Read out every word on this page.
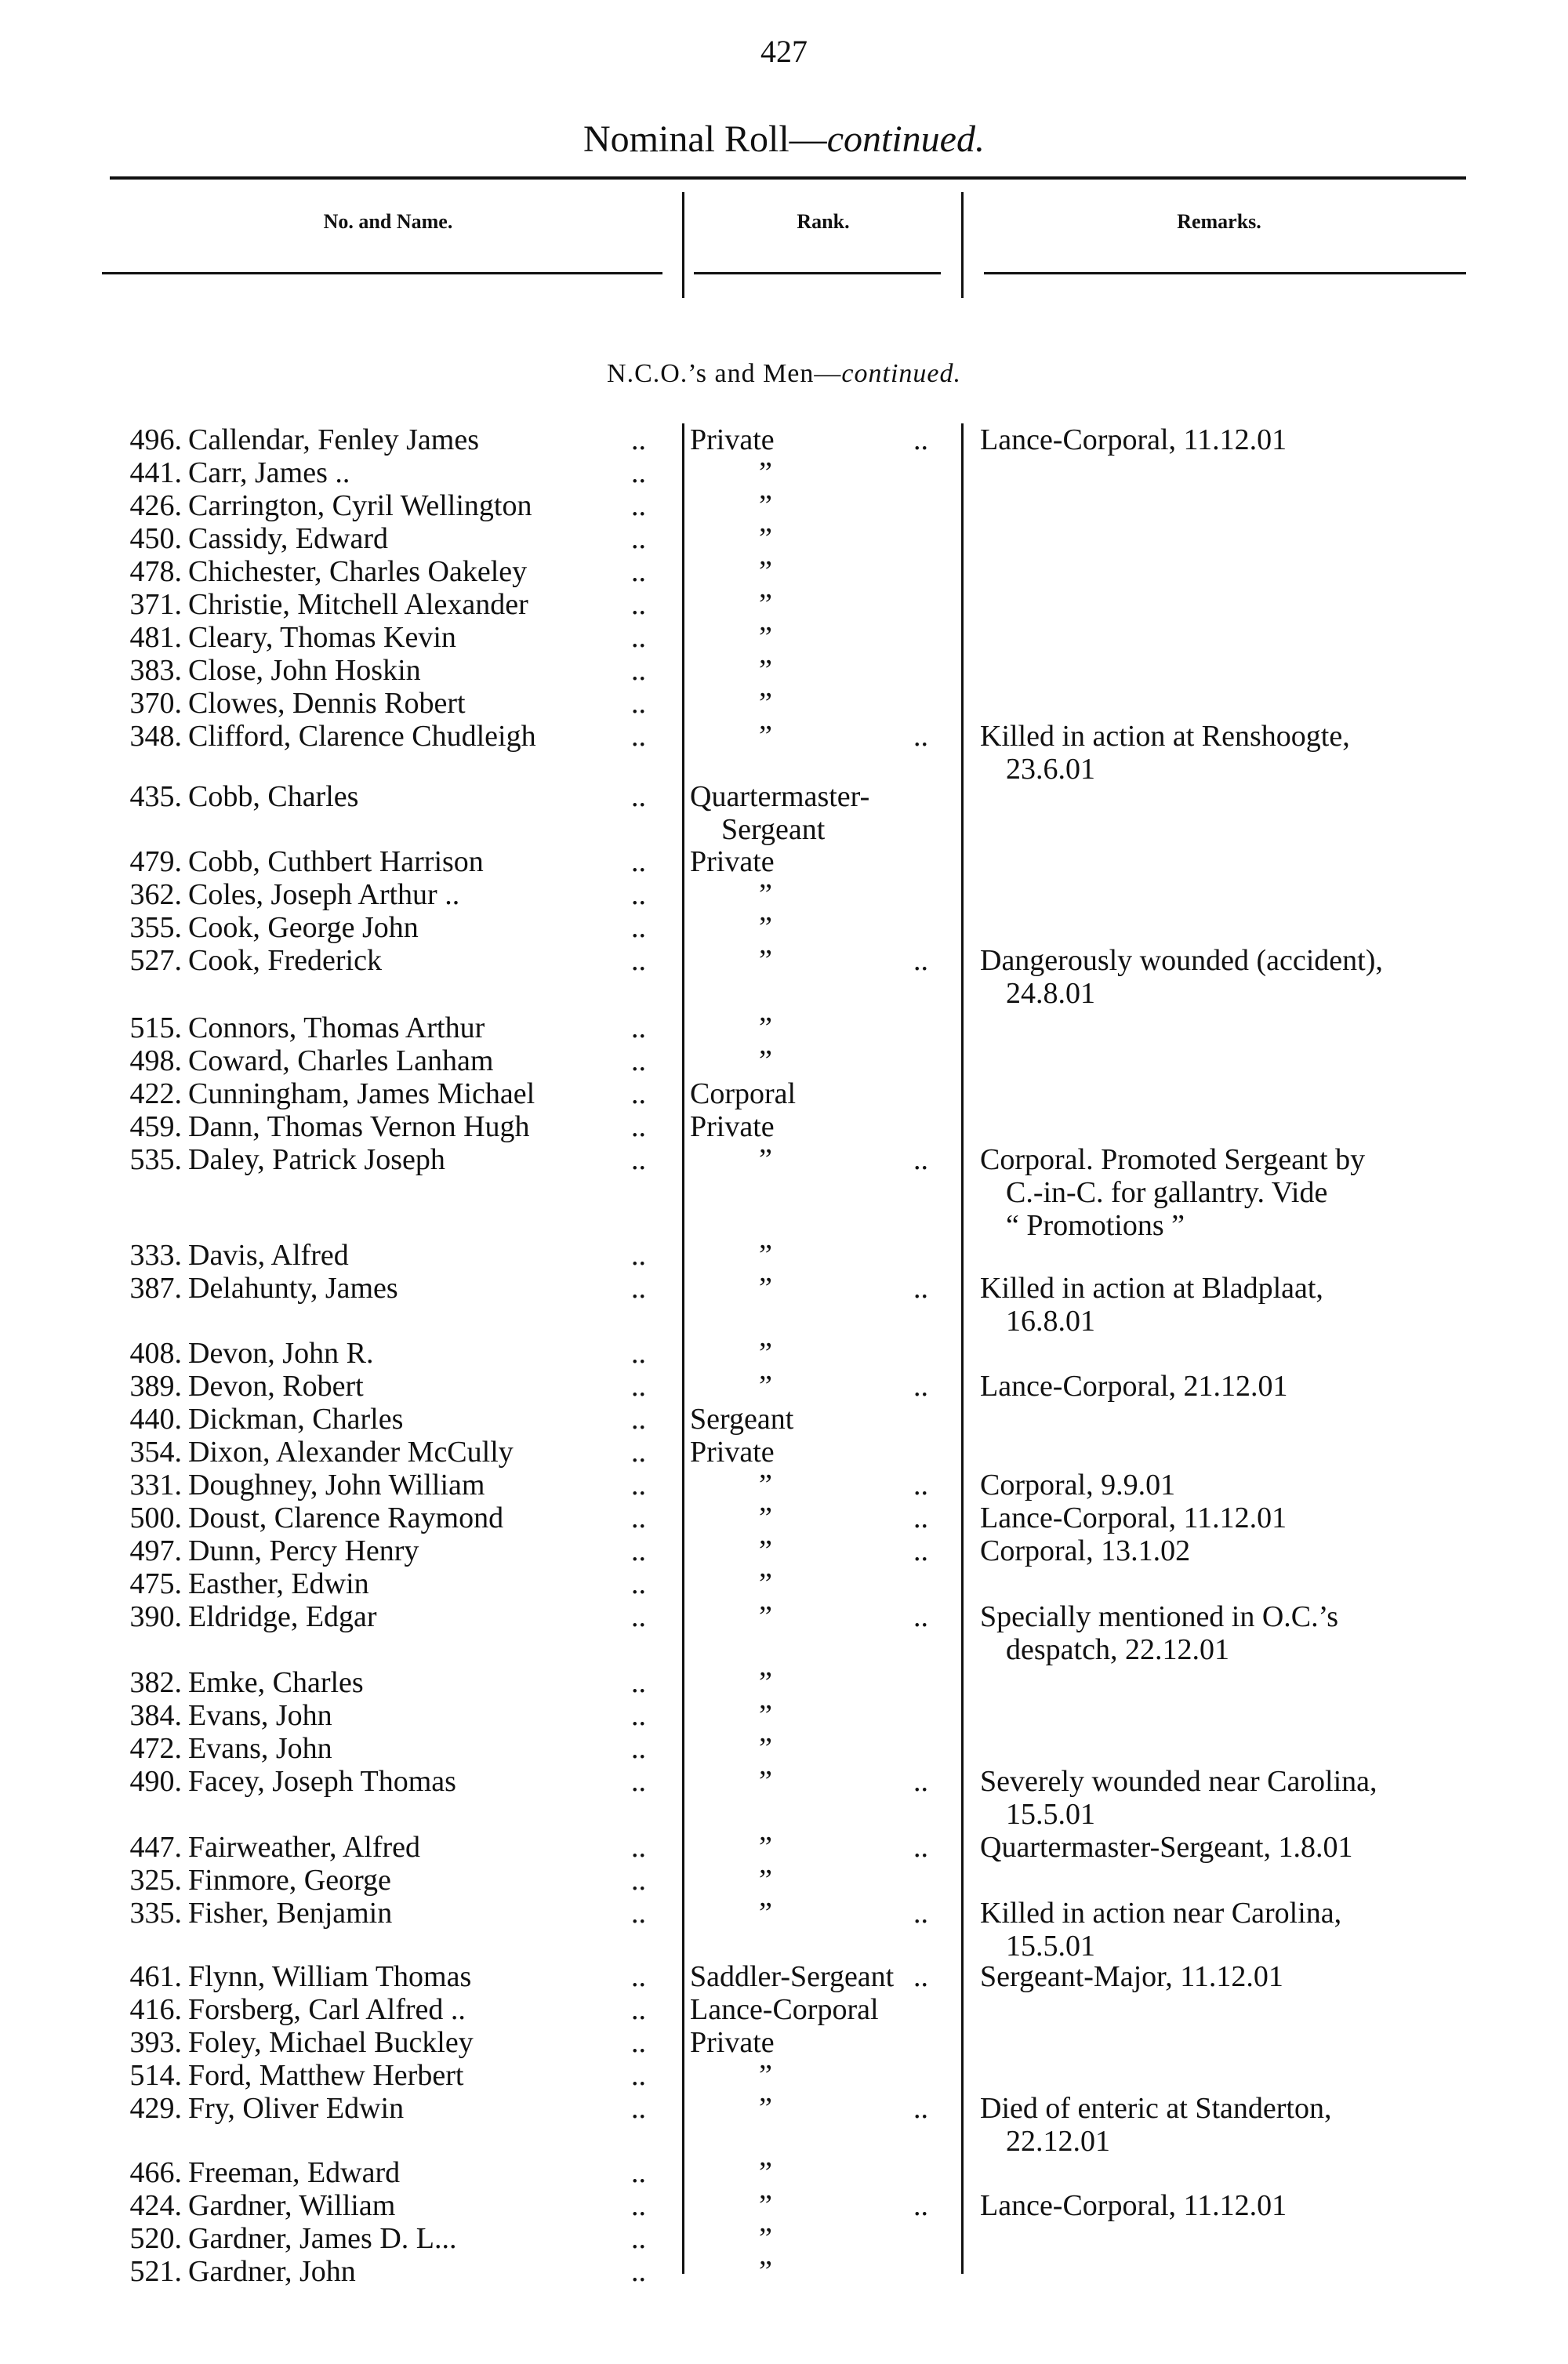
427
Nominal Roll—continued.
No. and Name.	Rank.	Remarks.
N.C.O.’s and Men—continued.
496. Callendar, Fenley James	.. Private	.. Lance-Corporal, 11.12.01
441. Carr, James ..	..	”
426. Carrington, Cyril Wellington	..	”
450. Cassidy, Edward	..	”
478. Chichester, Charles Oakeley	..	”
371. Christie, Mitchell Alexander	..	”
481. Cleary, Thomas Kevin	..	”
383. Close, John Hoskin	..	”
370. Clowes, Dennis Robert	..	”
348. Clifford, Clarence Chudleigh	..	”	.. Killed in action at Renshoogte,
23.6.01
435. Cobb, Charles	.. Quartermaster-
Sergeant
479. Cobb, Cuthbert Harrison	.. Private
362. Coles, Joseph Arthur ..	..	”
355. Cook, George John	..	”
527. Cook, Frederick	..	”	.. Dangerously wounded (accident),
24.8.01
515. Connors, Thomas Arthur	..	”
498. Coward, Charles Lanham	..	”
422. Cunningham, James Michael	.. Corporal
459. Dann, Thomas Vernon Hugh	.. Private
535. Daley, Patrick Joseph	..	”	.. Corporal. Promoted Sergeant by
C.-in-C. for gallantry. Vide
“ Promotions ”
333. Davis, Alfred	..	”
387. Delahunty, James	..	”	.. Killed in action at Bladplaat,
16.8.01
408. Devon, John R.	..	”
389. Devon, Robert	..	”	.. Lance-Corporal, 21.12.01
440. Dickman, Charles	.. Sergeant
354. Dixon, Alexander McCully	.. Private
331. Doughney, John William	..	”	.. Corporal, 9.9.01
500. Doust, Clarence Raymond	..	”	.. Lance-Corporal, 11.12.01
497. Dunn, Percy Henry	..	”	.. Corporal, 13.1.02
475. Easther, Edwin	..	”
390. Eldridge, Edgar	..	”	.. Specially mentioned in O.C.’s
despatch, 22.12.01
382. Emke, Charles	..	”
384. Evans, John	..	”
472. Evans, John	..	”
490. Facey, Joseph Thomas	..	”	.. Severely wounded near Carolina,
15.5.01
447. Fairweather, Alfred	..	”	.. Quartermaster-Sergeant, 1.8.01
325. Finmore, George	..	”
335. Fisher, Benjamin	..	”	.. Killed in action near Carolina,
15.5.01
461. Flynn, William Thomas	.. Saddler-Sergeant .. Sergeant-Major, 11.12.01
416. Forsberg, Carl Alfred ..	.. Lance-Corporal
393. Foley, Michael Buckley	.. Private
514. Ford, Matthew Herbert	..	”
429. Fry, Oliver Edwin	..	”	.. Died of enteric at Standerton,
22.12.01
466. Freeman, Edward	..	”
424. Gardner, William	..	”	.. Lance-Corporal, 11.12.01
520. Gardner, James D. L...	..	”
521. Gardner, John	..	”
